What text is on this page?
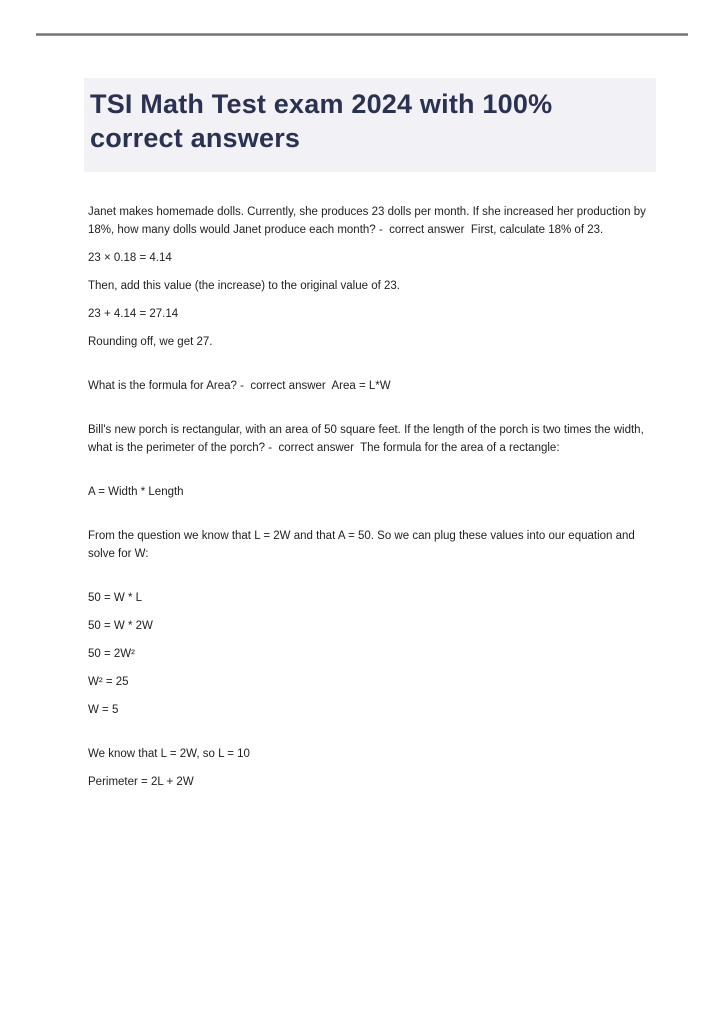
TSI Math Test exam 2024 with 100%
correct answers

Janet makes homemade dolls. Currently, she produces 23 dolls per month. If she increased her production by 18%, how many dolls would Janet produce each month? -  correct answer  First, calculate 18% of 23.

23 × 0.18 = 4.14

Then, add this value (the increase) to the original value of 23.

23 + 4.14 = 27.14

Rounding off, we get 27.

What is the formula for Area? -  correct answer  Area = L*W

Bill's new porch is rectangular, with an area of 50 square feet. If the length of the porch is two times the width, what is the perimeter of the porch? -  correct answer  The formula for the area of a rectangle:

A = Width * Length

From the question we know that L = 2W and that A = 50. So we can plug these values into our equation and solve for W:

50 = W * L

50 = W * 2W

50 = 2W²

W² = 25

W = 5

We know that L = 2W, so L = 10

Perimeter = 2L + 2W
